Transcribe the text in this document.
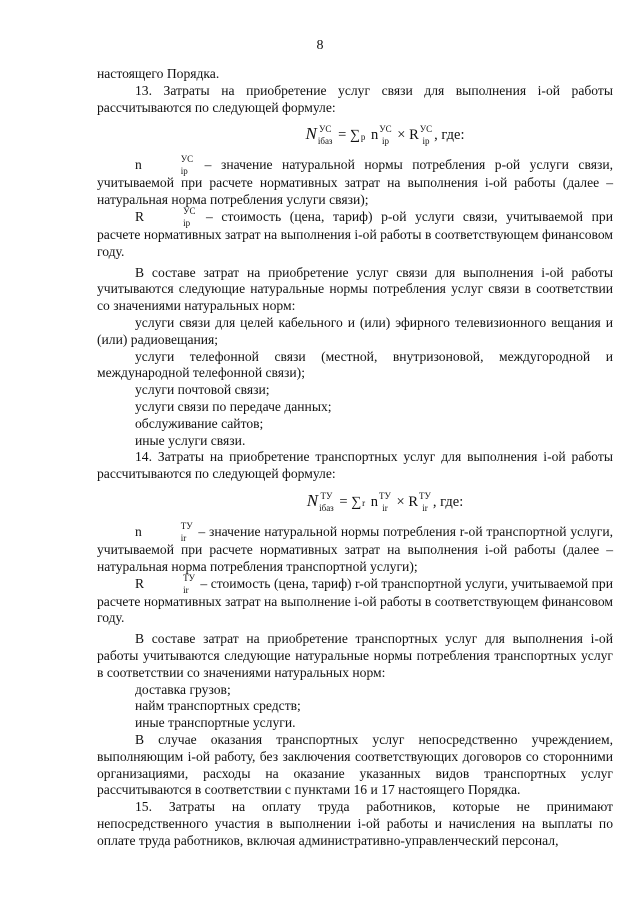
8

настоящего Порядка.

13. Затраты на приобретение услуг связи для выполнения i-ой работы рассчитываются по следующей формуле:

N УС
iбаз = ∑ p n УС
ip × R УС
ip , где:

n	УС
ip – значение натуральной нормы потребления p-ой услуги связи, учитываемой при расчете нормативных затрат на выполнения i-ой работы (далее – натуральная норма потребления услуги связи);

R	УС
ip – стоимость (цена, тариф) p-ой услуги связи, учитываемой при расчете нормативных затрат на выполнения i-ой работы в соответствующем финансовом году.

В составе затрат на приобретение услуг связи для выполнения i-ой работы учитываются следующие натуральные нормы потребления услуг связи в соответствии со значениями натуральных норм:

услуги связи для целей кабельного и (или) эфирного телевизионного вещания и (или) радиовещания;

услуги телефонной связи (местной, внутризоновой, междугородной и международной телефонной связи);

услуги почтовой связи;

услуги связи по передаче данных;

обслуживание сайтов;

иные услуги связи.

14. Затраты на приобретение транспортных услуг для выполнения i-ой работы рассчитываются по следующей формуле:

N ТУ
iбаз = ∑ r n ТУ
ir × R ТУ
ir , где:

n	ТУ
ir – значение натуральной нормы потребления r-ой транспортной услуги, учитываемой при расчете нормативных затрат на выполнения i-ой работы (далее – натуральная норма потребления транспортной услуги);

R	ТУ
ir – стоимость (цена, тариф) r-ой транспортной услуги, учитываемой при расчете нормативных затрат на выполнение i-ой работы в соответствующем финансовом году.

В составе затрат на приобретение транспортных услуг для выполнения i-ой работы учитываются следующие натуральные нормы потребления транспортных услуг в соответствии со значениями натуральных норм:

доставка грузов;

найм транспортных средств;

иные транспортные услуги.

В случае оказания транспортных услуг непосредственно учреждением, выполняющим i-ой работу, без заключения соответствующих договоров со сторонними организациями, расходы на оказание указанных видов транспортных услуг рассчитываются в соответствии с пунктами 16 и 17 настоящего Порядка.

15. Затраты на оплату труда работников, которые не принимают непосредственного участия в выполнении i-ой работы и начисления на выплаты по оплате труда работников, включая административно-управленческий персонал,
